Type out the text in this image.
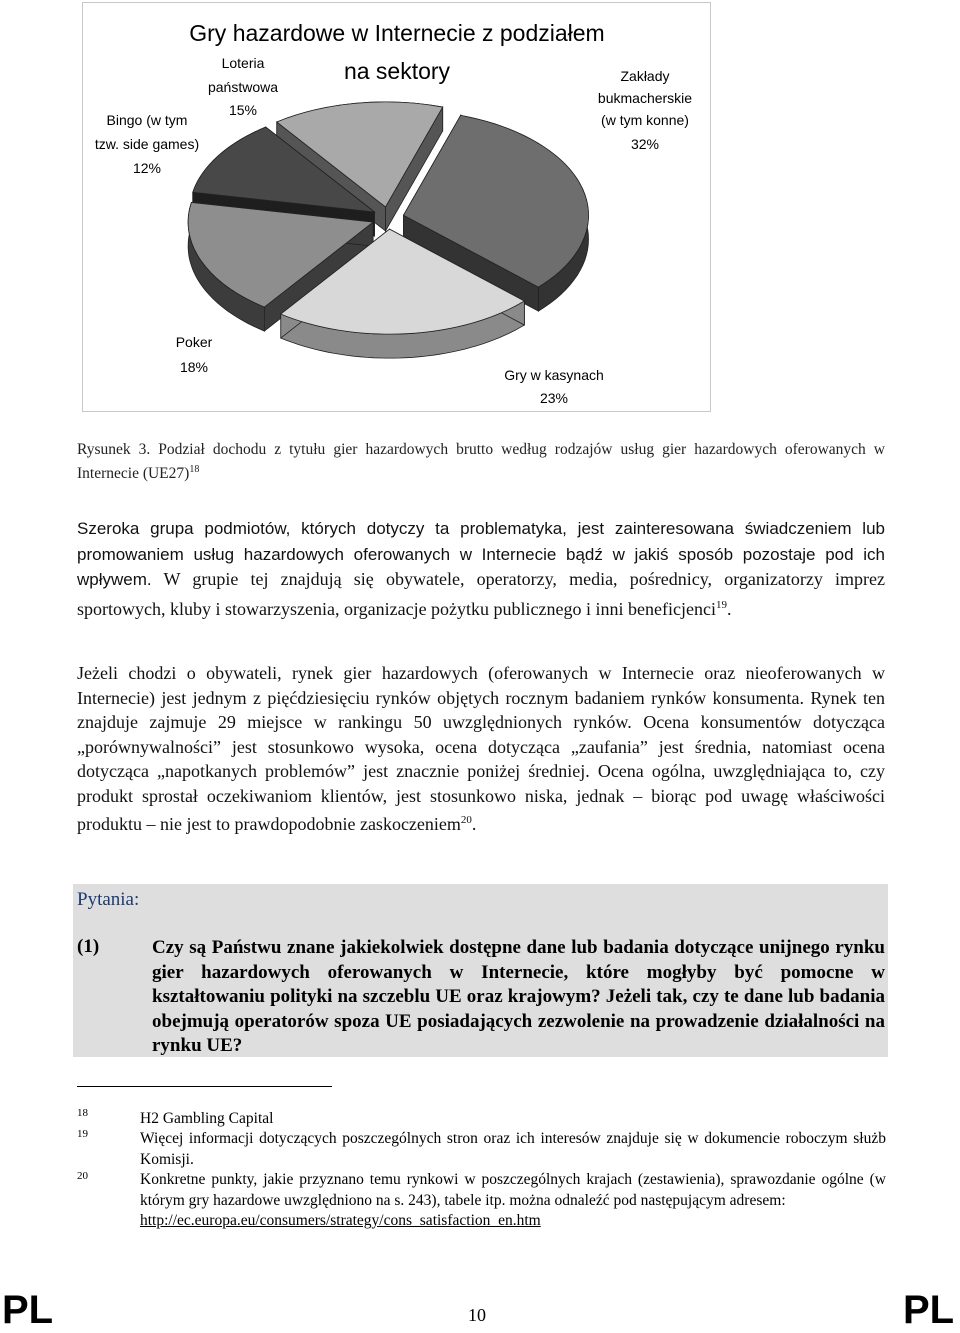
Gry hazardowe w Internecie z podziałem
na sektory	Zakłady
bukmacherskie
(w tym konne)
32%
Gry w kasynach
23%
Poker
18%
Bingo (w tym
tzw. side games)
12%
Loteria
państwowa
15%
Rysunek 3. Podział dochodu z tytułu gier hazardowych brutto według rodzajów usług gier hazardowych oferowanych w Internecie $(UE27)^{18}$
Szeroka grupa podmiotów, których dotyczy ta problematyka, jest zainteresowana świadczeniem lub promowaniem usług hazardowych oferowanych w Internecie bądź w jakiś sposób pozostaje pod ich wpływem. W grupie tej znajdują się obywatele, operatorzy, media, pośrednicy, organizatorzy imprez sportowych, kluby i stowarzyszenia, organizacje pożytku publicznego i inni beneficjenci$^{19}$.
Jeżeli chodzi o obywateli, rynek gier hazardowych (oferowanych w Internecie oraz nieoferowanych w Internecie) jest jednym z pięćdziesięciu rynków objętych rocznym badaniem rynków konsumenta. Rynek ten znajduje zajmuje 29 miejsce w rankingu 50 uwzględnionych rynków. Ocena konsumentów dotycząca „porównywalności” jest stosunkowo wysoka, ocena dotycząca „zaufania” jest średnia, natomiast ocena dotycząca „napotkanych problemów” jest znacznie poniżej średniej. Ocena ogólna, uwzględniająca to, czy produkt sprostał oczekiwaniom klientów, jest stosunkowo niska, jednak – biorąc pod uwagę właściwości produktu – nie jest to prawdopodobnie zaskoczeniem$^{20}$.
Pytania:
(1)	Czy są Państwu znane jakiekolwiek dostępne dane lub badania dotyczące unijnego rynku gier hazardowych oferowanych w Internecie, które mogłyby być pomocne w kształtowaniu polityki na szczeblu UE oraz krajowym? Jeżeli tak, czy te dane lub badania obejmują operatorów spoza UE posiadających zezwolenie na prowadzenie działalności na rynku UE?
18	H2 Gambling Capital
19	Więcej informacji dotyczących poszczególnych stron oraz ich interesów znajduje się w dokumencie roboczym służb Komisji.
20	Konkretne punkty, jakie przyznano temu rynkowi w poszczególnych krajach (zestawienia), sprawozdanie ogólne (w którym gry hazardowe uwzględniono na s. 243), tabele itp. można odnaleźć pod następującym adresem:
http://ec.europa.eu/consumers/strategy/cons_satisfaction_en.htm
PL	10	PL
